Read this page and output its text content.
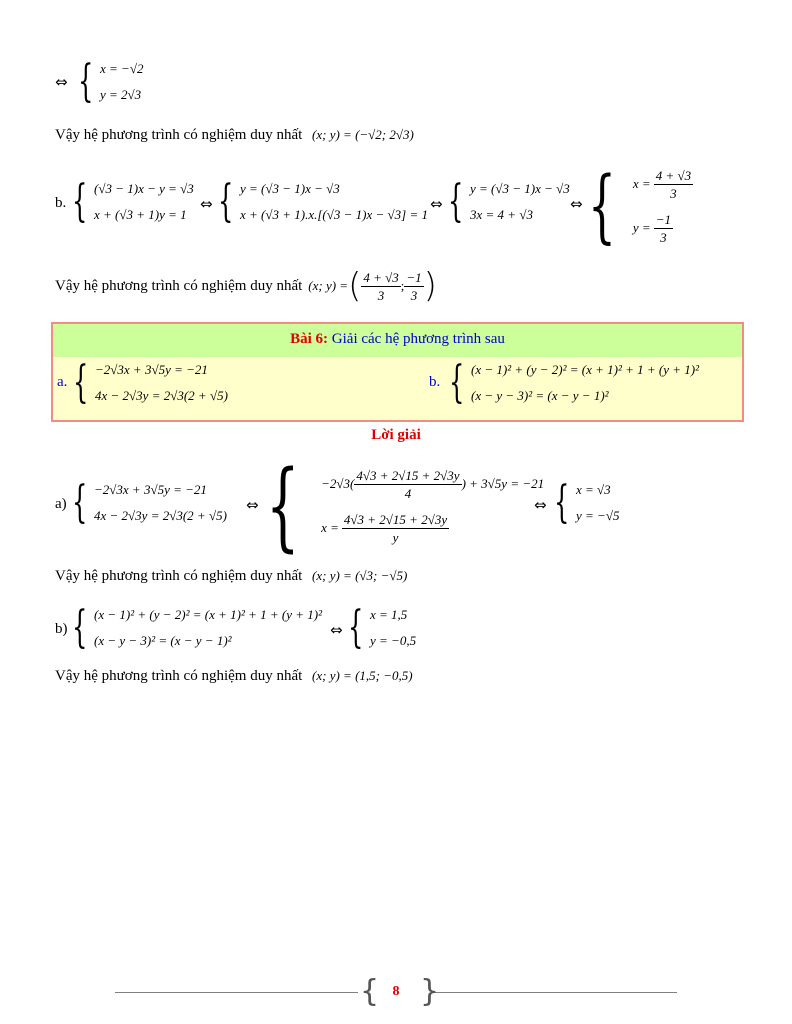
⇔ { x = −√2
y = 2√3
Vậy hệ phương trình có nghiệm duy nhất (x; y) = (−√2; 2√3)
b. { (√3 − 1)x − y = √3
x + (√3 + 1)y = 1
⇔ { y = (√3 − 1)x − √3
x + (√3 + 1).x.[(√3 − 1)x − √3] = 1
⇔ { y = (√3 − 1)x − √3
3x = 4 + √3
⇔ { $x = \frac{4 + √3}{3}$
$y = \frac{-1}{3}$
Vậy hệ phương trình có nghiệm duy nhất (x; y) = ( $\frac{4 + √3}{3}$ ; $\frac{-1}{3}$ )
Bài 6: Giải các hệ phương trình sau
a. { −2√3x + 3√5y = −21
4x − 2√3y = 2√3(2 + √5)
b. { (x − 1)² + (y − 2)² = (x + 1)² + 1 + (y + 1)²
(x − y − 3)² = (x − y − 1)²
Lời giải
a) { −2√3x + 3√5y = −21
4x − 2√3y = 2√3(2 + √5)
⇔ { $-2√3( \frac{4√3 + 2√15 + 2√3y}{4}$ ) + 3√5y = −21
$x = \frac{4√3 + 2√15 + 2√3y}{y}$
⇔ { x = √3
y = −√5
Vậy hệ phương trình có nghiệm duy nhất (x; y) = (√3; −√5)
b) { (x − 1)² + (y − 2)² = (x + 1)² + 1 + (y + 1)²
(x − y − 3)² = (x − y − 1)²
⇔ { x = 1,5
y = −0,5
Vậy hệ phương trình có nghiệm duy nhất (x; y) = (1,5; −0,5)
{ }
8
